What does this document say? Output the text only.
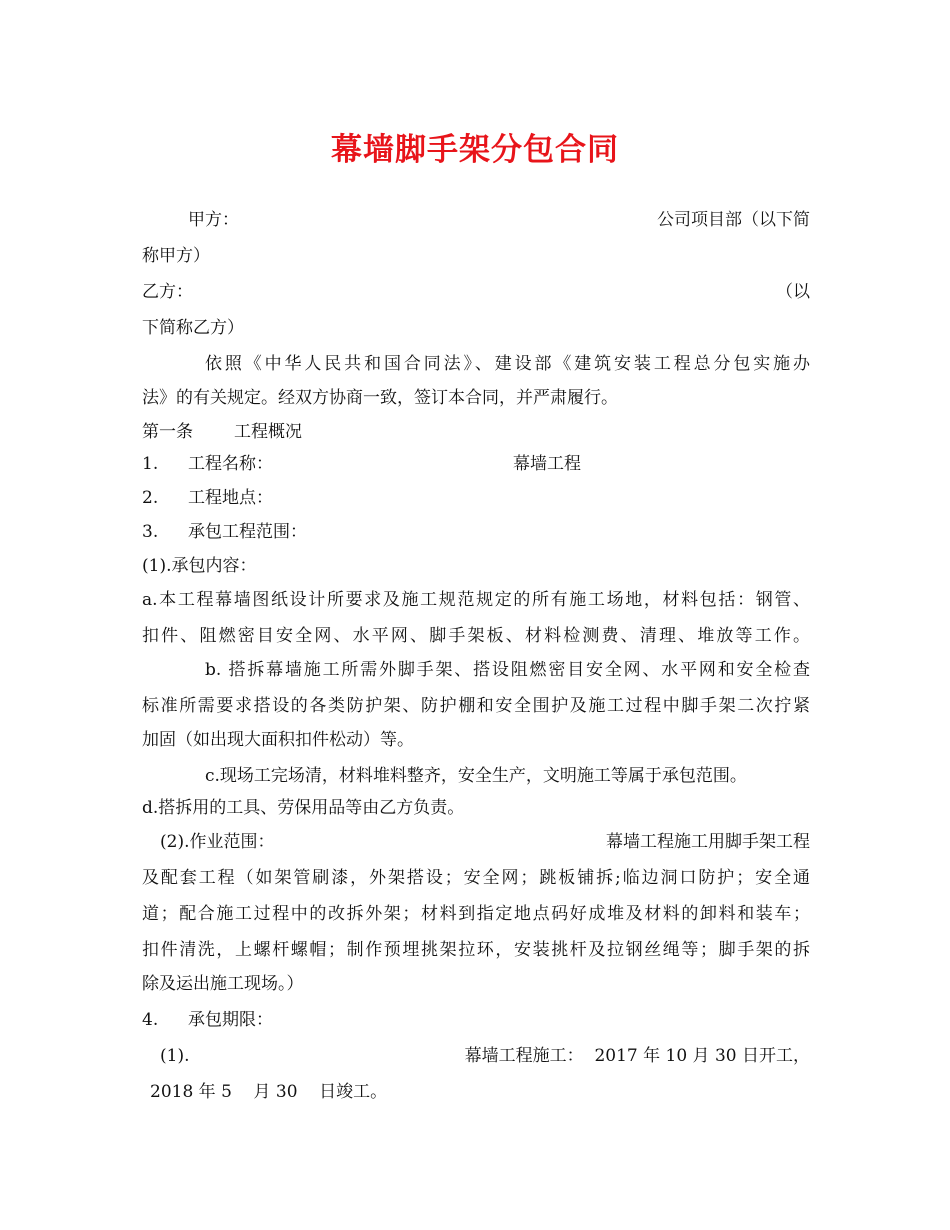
幕墙脚手架分包合同
甲方：	公司项目部（以下简
称甲方）
乙方：	（以
下简称乙方）
依照《中华人民共和国合同法》、建设部《建筑安装工程总分包实施办
法》的有关规定。经双方协商一致，签订本合同，并严肃履行。
第一条 工程概况
1. 工程名称：	幕墙工程
2. 工程地点：
3. 承包工程范围：
(1).承包内容：
a.本工程幕墙图纸设计所要求及施工规范规定的所有施工场地，材料包括：钢管、
扣件、阻燃密目安全网、水平网、脚手架板、材料检测费、清理、堆放等工作。
b. 搭拆幕墙施工所需外脚手架、搭设阻燃密目安全网、水平网和安全检查
标准所需要求搭设的各类防护架、防护棚和安全围护及施工过程中脚手架二次拧紧
加固（如出现大面积扣件松动）等。
c.现场工完场清，材料堆料整齐，安全生产，文明施工等属于承包范围。
d.搭拆用的工具、劳保用品等由乙方负责。
(2).作业范围：	幕墙工程施工用脚手架工程
及配套工程（如架管刷漆，外架搭设；安全网；跳板铺拆;临边洞口防护；安全通
道；配合施工过程中的改拆外架；材料到指定地点码好成堆及材料的卸料和装车；
扣件清洗，上螺杆螺帽；制作预埋挑架拉环，安装挑杆及拉钢丝绳等；脚手架的拆
除及运出施工现场。）
4. 承包期限：
(1).	幕墙工程施工：  2017 年 10 月 30 日开工，
2018 年 5    月 30    日竣工。
